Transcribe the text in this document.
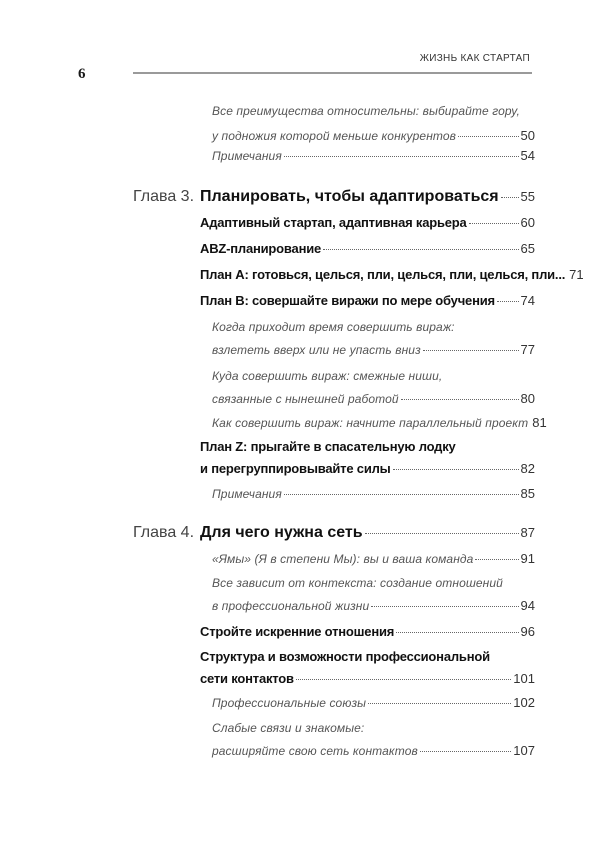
6
ЖИЗНЬ КАК СТАРТАП
Все преимущества относительны: выбирайте гору,
у подножия которой меньше конкурентов	50
Примечания	54
Глава 3. Планировать, чтобы адаптироваться 55
Адаптивный стартап, адаптивная карьера	60
ABZ-планирование	65
План A: готовься, целься, пли, целься, пли, целься, пли... 71
План B: совершайте виражи по мере обучения 74
Когда приходит время совершить вираж:
взлететь вверх или не упасть вниз	77
Куда совершить вираж: смежные ниши,
связанные с нынешней работой	80
Как совершить вираж: начните параллельный проект 81
План Z: прыгайте в спасательную лодку
и перегруппировывайте силы	82
Примечания	85
Глава 4. Для чего нужна сеть	87
«Ямы» (Я в степени Мы): вы и ваша команда	91
Все зависит от контекста: создание отношений
в профессиональной жизни	94
Стройте искренние отношения	96
Структура и возможности профессиональной
сети контактов	101
Профессиональные союзы	102
Слабые связи и знакомые:
расширяйте свою сеть контактов	107
